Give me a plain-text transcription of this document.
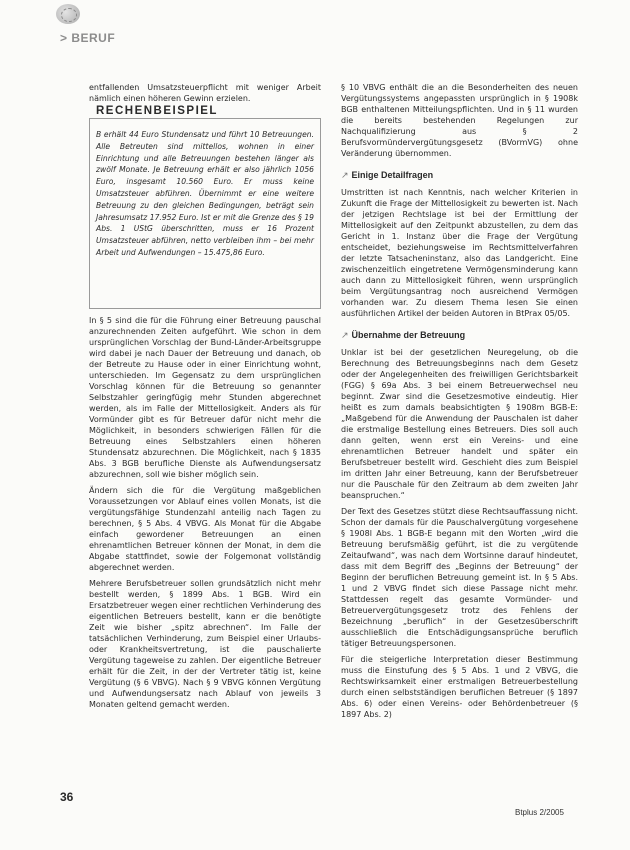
> BERUF

entfallenden Umsatzsteuerpflicht mit weniger Arbeit nämlich einen höheren Gewinn erzielen.

RECHENBEISPIEL
B erhält 44 Euro Stundensatz und führt 10 Betreuungen. Alle Betreuten sind mittellos, wohnen in einer Einrichtung und alle Betreuungen bestehen länger als zwölf Monate. Je Betreuung erhält er also jährlich 1056 Euro, insgesamt 10.560 Euro. Er muss keine Umsatzsteuer abführen. Übernimmt er eine weitere Betreuung zu den gleichen Bedingungen, beträgt sein Jahresumsatz 17.952 Euro. Ist er mit die Grenze des § 19 Abs. 1 UStG überschritten, muss er 16 Prozent Umsatzsteuer abführen, netto verbleiben ihm – bei mehr Arbeit und Aufwendungen – 15.475,86 Euro.

In § 5 sind die für die Führung einer Betreuung pauschal anzurechnenden Zeiten aufgeführt. Wie schon in dem ursprünglichen Vorschlag der Bund-Länder-Arbeitsgruppe wird dabei je nach Dauer der Betreuung und danach, ob der Betreute zu Hause oder in einer Einrichtung wohnt, unterschieden. Im Gegensatz zu dem ursprünglichen Vorschlag können für die Betreuung so genannter Selbstzahler geringfügig mehr Stunden abgerechnet werden, als im Falle der Mittellosigkeit. Anders als für Vormünder gibt es für Betreuer dafür nicht mehr die Möglichkeit, in besonders schwierigen Fällen für die Betreuung eines Selbstzahlers einen höheren Stundensatz abzurechnen. Die Möglichkeit, nach § 1835 Abs. 3 BGB berufliche Dienste als Aufwendungsersatz abzurechnen, soll wie bisher möglich sein.

Ändern sich die für die Vergütung maßgeblichen Voraussetzungen vor Ablauf eines vollen Monats, ist die vergütungsfähige Stundenzahl anteilig nach Tagen zu berechnen, § 5 Abs. 4 VBVG. Als Monat für die Abgabe einfach gewordener Betreuungen an einen ehrenamtlichen Betreuer können der Monat, in dem die Abgabe stattfindet, sowie der Folgemonat vollständig abgerechnet werden.

Mehrere Berufsbetreuer sollen grundsätzlich nicht mehr bestellt werden, § 1899 Abs. 1 BGB. Wird ein Ersatzbetreuer wegen einer rechtlichen Verhinderung des eigentlichen Betreuers bestellt, kann er die benötigte Zeit wie bisher „spitz abrechnen“. Im Falle der tatsächlichen Verhinderung, zum Beispiel einer Urlaubs- oder Krankheitsvertretung, ist die pauschalierte Vergütung tageweise zu zahlen. Der eigentliche Betreuer erhält für die Zeit, in der der Vertreter tätig ist, keine Vergütung (§ 6 VBVG). Nach § 9 VBVG können Vergütung und Aufwendungsersatz nach Ablauf von jeweils 3 Monaten geltend gemacht werden.

§ 10 VBVG enthält die an die Besonderheiten des neuen Vergütungssystems angepassten ursprünglich in § 1908k BGB enthaltenen Mitteilungspflichten. Und in § 11 wurden die bereits bestehenden Regelungen zur Nachqualifizierung aus § 2 Berufsvormündervergütungsgesetz (BVormVG) ohne Veränderung übernommen.

↗ Einige Detailfragen

Umstritten ist nach Kenntnis, nach welcher Kriterien in Zukunft die Frage der Mittellosigkeit zu bewerten ist. Nach der jetzigen Rechtslage ist bei der Ermittlung der Mittellosigkeit auf den Zeitpunkt abzustellen, zu dem das Gericht in 1. Instanz über die Frage der Vergütung entscheidet, beziehungsweise im Rechtsmittelverfahren der letzte Tatsacheninstanz, also das Landgericht. Eine zwischenzeitlich eingetretene Vermögensminderung kann auch dann zu Mittellosigkeit führen, wenn ursprünglich beim Vergütungsantrag noch ausreichend Vermögen vorhanden war. Zu diesem Thema lesen Sie einen ausführlichen Artikel der beiden Autoren in BtPrax 05/05.

↗ Übernahme der Betreuung

Unklar ist bei der gesetzlichen Neuregelung, ob die Berechnung des Betreuungsbeginns nach dem Gesetz oder der Angelegenheiten des freiwilligen Gerichtsbarkeit (FGG) § 69a Abs. 3 bei einem Betreuerwechsel neu beginnt. Zwar sind die Gesetzesmotive eindeutig. Hier heißt es zum damals beabsichtigten § 1908m BGB-E: „Maßgebend für die Anwendung der Pauschalen ist daher die erstmalige Bestellung eines Betreuers. Dies soll auch dann gelten, wenn erst ein Vereins- und eine ehrenamtlichen Betreuer handelt und später ein Berufsbetreuer bestellt wird. Geschieht dies zum Beispiel im dritten Jahr einer Betreuung, kann der Berufsbetreuer nur die Pauschale für den Zeitraum ab dem zweiten Jahr beanspruchen.“

Der Text des Gesetzes stützt diese Rechtsauffassung nicht. Schon der damals für die Pauschalvergütung vorgesehene § 1908l Abs. 1 BGB-E begann mit den Worten „wird die Betreuung berufsmäßig geführt, ist die zu vergütende Zeitaufwand“, was nach dem Wortsinne darauf hindeutet, dass mit dem Begriff des „Beginns der Betreuung“ der Beginn der beruflichen Betreuung gemeint ist. In § 5 Abs. 1 und 2 VBVG findet sich diese Passage nicht mehr. Stattdessen regelt das gesamte Vormünder- und Betreuervergütungsgesetz trotz des Fehlens der Bezeichnung „beruflich“ in der Gesetzesüberschrift ausschließlich die Entschädigungsansprüche beruflich tätiger Betreuungspersonen.

Für die steigerliche Interpretation dieser Bestimmung muss die Einstufung des § 5 Abs. 1 und 2 VBVG, die Rechtswirksamkeit einer erstmaligen Betreuerbestellung durch einen selbstständigen beruflichen Betreuer (§ 1897 Abs. 6) oder einen Vereins- oder Behördenbetreuer (§ 1897 Abs. 2)

36
Btplus 2/2005
